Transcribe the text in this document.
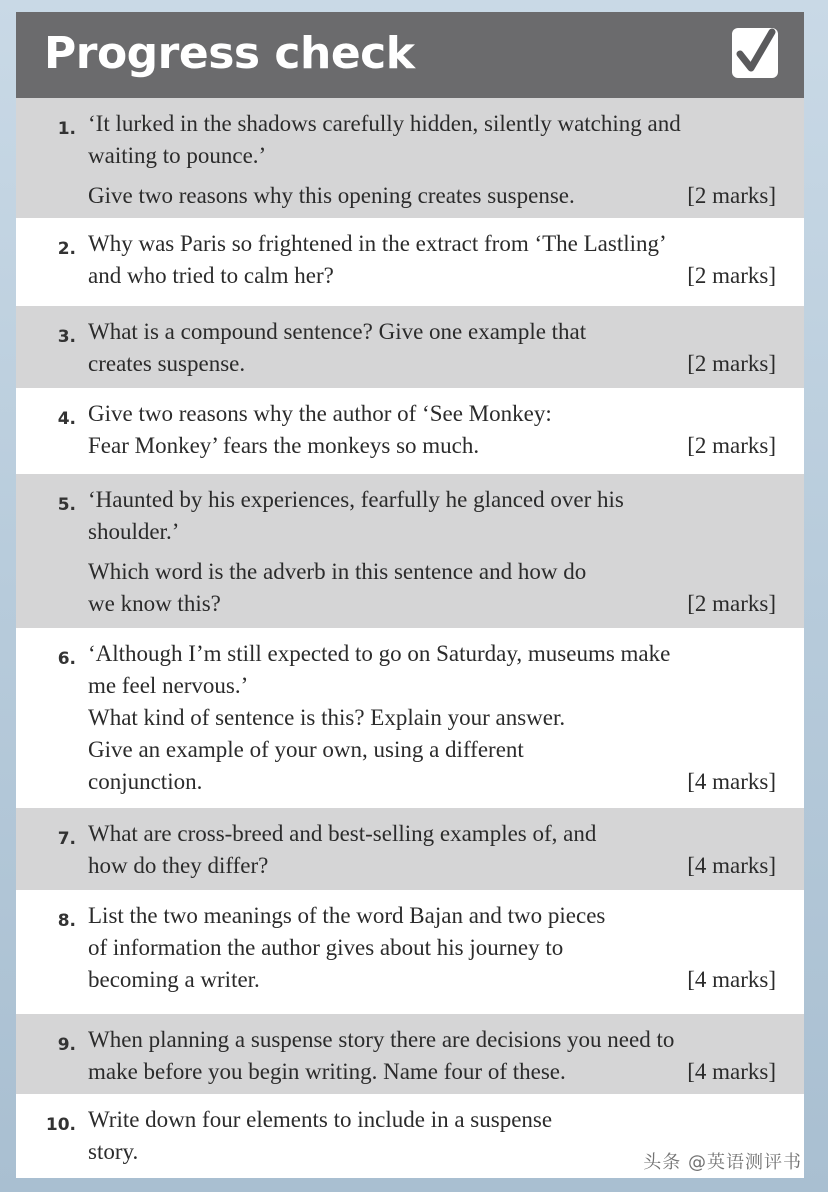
Progress check
1. ‘It lurked in the shadows carefully hidden, silently watching and
waiting to pounce.’
Give two reasons why this opening creates suspense.	[2 marks]
2. Why was Paris so frightened in the extract from ‘The Lastling’
and who tried to calm her?	[2 marks]
3. What is a compound sentence? Give one example that
creates suspense.	[2 marks]
4. Give two reasons why the author of ‘See Monkey:
Fear Monkey’ fears the monkeys so much.	[2 marks]
5. ‘Haunted by his experiences, fearfully he glanced over his
shoulder.’
Which word is the adverb in this sentence and how do
we know this?	[2 marks]
6. ‘Although I’m still expected to go on Saturday, museums make
me feel nervous.’
What kind of sentence is this? Explain your answer.
Give an example of your own, using a different
conjunction.	[4 marks]
7. What are cross-breed and best-selling examples of, and
how do they differ?	[4 marks]
8. List the two meanings of the word Bajan and two pieces
of information the author gives about his journey to
becoming a writer.	[4 marks]
9. When planning a suspense story there are decisions you need to
make before you begin writing. Name four of these.	[4 marks]
10. Write down four elements to include in a suspense
story.	头条 @英语测评书
